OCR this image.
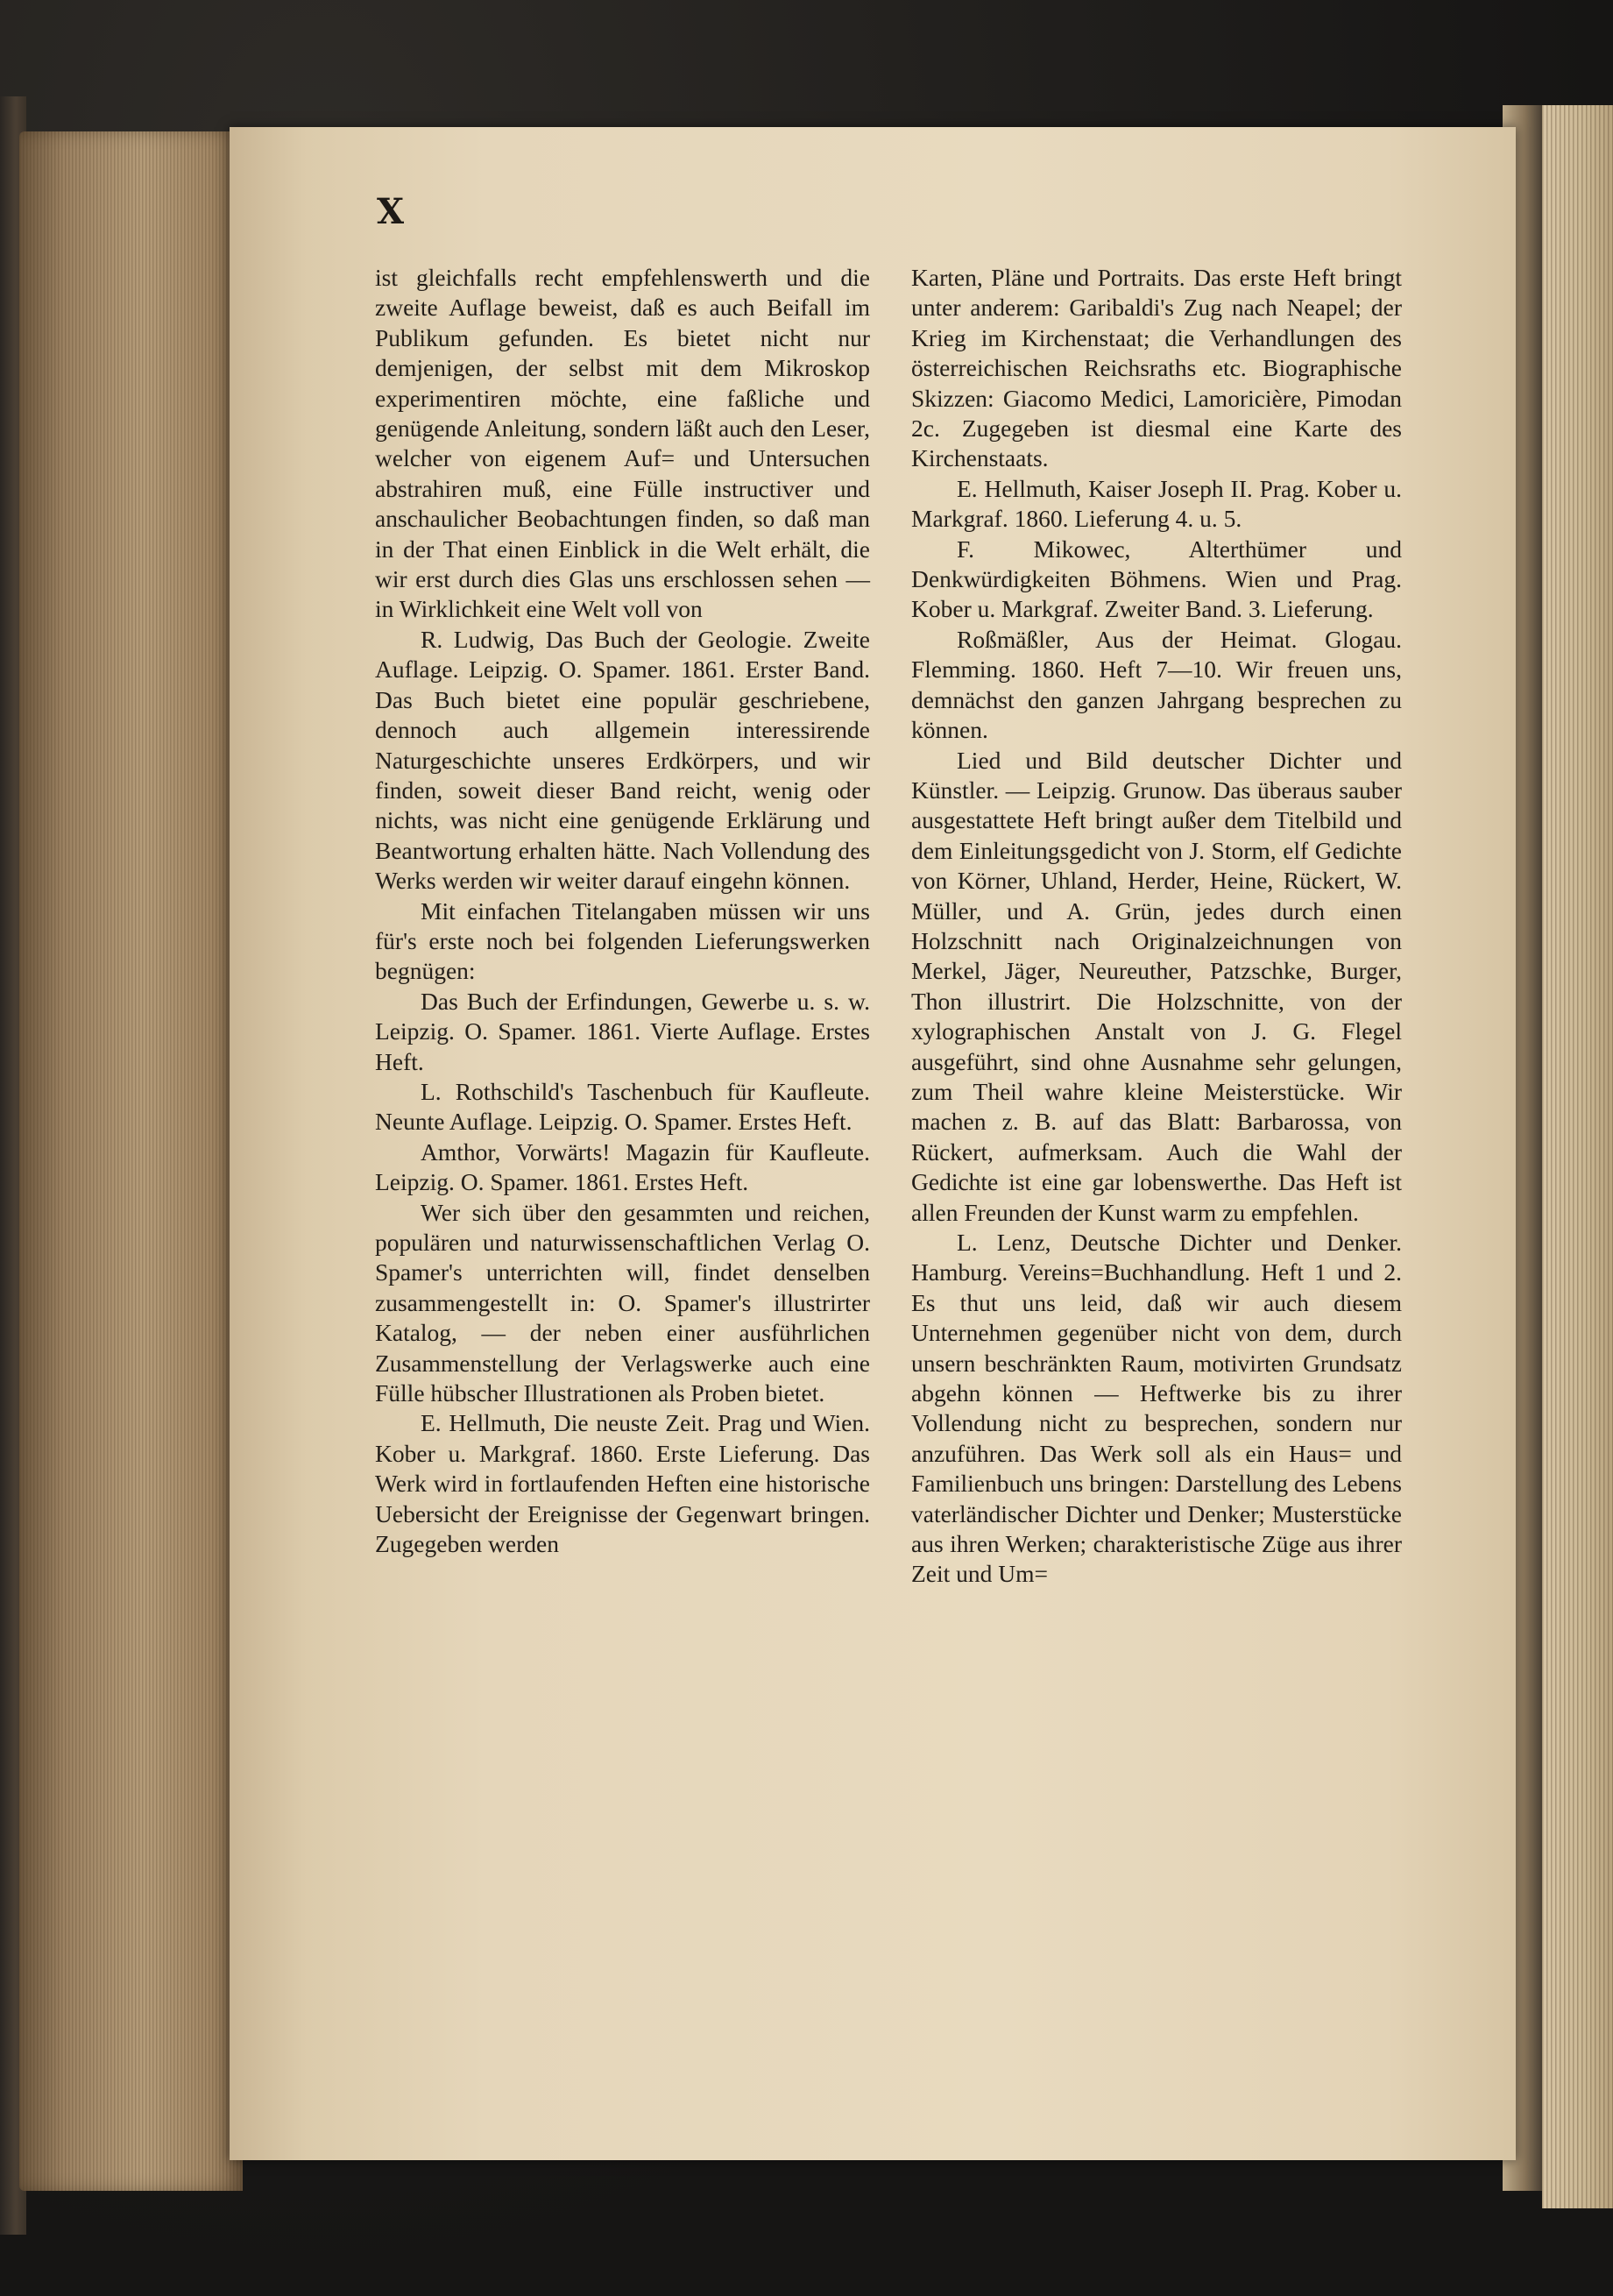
X

ist gleichfalls recht empfehlenswerth und die zweite Auflage beweist, daß es auch Beifall im Publikum gefunden. Es bietet nicht nur demjenigen, der selbst mit dem Mikroskop experimentiren möchte, eine faßliche und genügende Anleitung, sondern läßt auch den Leser, welcher von eigenem Auf= und Untersuchen abstrahiren muß, eine Fülle instructiver und anschaulicher Beobachtungen finden, so daß man in der That einen Einblick in die Welt erhält, die wir erst durch dies Glas uns erschlossen sehen — in Wirklichkeit eine Welt voll von

R. Ludwig, Das Buch der Geologie. Zweite Auflage. Leipzig. O. Spamer. 1861. Erster Band. Das Buch bietet eine populär geschriebene, dennoch auch allgemein interessirende Naturgeschichte unseres Erdkörpers, und wir finden, soweit dieser Band reicht, wenig oder nichts, was nicht eine genügende Erklärung und Beantwortung erhalten hätte. Nach Vollendung des Werks werden wir weiter darauf eingehn können.

Mit einfachen Titelangaben müssen wir uns für's erste noch bei folgenden Lieferungswerken begnügen:

Das Buch der Erfindungen, Gewerbe u. s. w. Leipzig. O. Spamer. 1861. Vierte Auflage. Erstes Heft.

L. Rothschild's Taschenbuch für Kaufleute. Neunte Auflage. Leipzig. O. Spamer. Erstes Heft.

Amthor, Vorwärts! Magazin für Kaufleute. Leipzig. O. Spamer. 1861. Erstes Heft.

Wer sich über den gesammten und reichen, populären und naturwissenschaftlichen Verlag O. Spamer's unterrichten will, findet denselben zusammengestellt in: O. Spamer's illustrirter Katalog, — der neben einer ausführlichen Zusammenstellung der Verlagswerke auch eine Fülle hübscher Illustrationen als Proben bietet.

E. Hellmuth, Die neuste Zeit. Prag und Wien. Kober u. Markgraf. 1860. Erste Lieferung. Das Werk wird in fortlaufenden Heften eine historische Uebersicht der Ereignisse der Gegenwart bringen. Zugegeben werden

Karten, Pläne und Portraits. Das erste Heft bringt unter anderem: Garibaldi's Zug nach Neapel; der Krieg im Kirchenstaat; die Verhandlungen des österreichischen Reichsraths etc. Biographische Skizzen: Giacomo Medici, Lamoricière, Pimodan 2c. Zugegeben ist diesmal eine Karte des Kirchenstaats.

E. Hellmuth, Kaiser Joseph II. Prag. Kober u. Markgraf. 1860. Lieferung 4. u. 5.

F. Mikowec, Alterthümer und Denkwürdigkeiten Böhmens. Wien und Prag. Kober u. Markgraf. Zweiter Band. 3. Lieferung.

Roßmäßler, Aus der Heimat. Glogau. Flemming. 1860. Heft 7—10. Wir freuen uns, demnächst den ganzen Jahrgang besprechen zu können.

Lied und Bild deutscher Dichter und Künstler. — Leipzig. Grunow. Das überaus sauber ausgestattete Heft bringt außer dem Titelbild und dem Einleitungsgedicht von J. Storm, elf Gedichte von Körner, Uhland, Herder, Heine, Rückert, W. Müller, und A. Grün, jedes durch einen Holzschnitt nach Originalzeichnungen von Merkel, Jäger, Neureuther, Patzschke, Burger, Thon illustrirt. Die Holzschnitte, von der xylographischen Anstalt von J. G. Flegel ausgeführt, sind ohne Ausnahme sehr gelungen, zum Theil wahre kleine Meisterstücke. Wir machen z. B. auf das Blatt: Barbarossa, von Rückert, aufmerksam. Auch die Wahl der Gedichte ist eine gar lobenswerthe. Das Heft ist allen Freunden der Kunst warm zu empfehlen.

L. Lenz, Deutsche Dichter und Denker. Hamburg. Vereins=Buchhandlung. Heft 1 und 2. Es thut uns leid, daß wir auch diesem Unternehmen gegenüber nicht von dem, durch unsern beschränkten Raum, motivirten Grundsatz abgehn können — Heftwerke bis zu ihrer Vollendung nicht zu besprechen, sondern nur anzuführen. Das Werk soll als ein Haus= und Familienbuch uns bringen: Darstellung des Lebens vaterländischer Dichter und Denker; Musterstücke aus ihren Werken; charakteristische Züge aus ihrer Zeit und Um=
